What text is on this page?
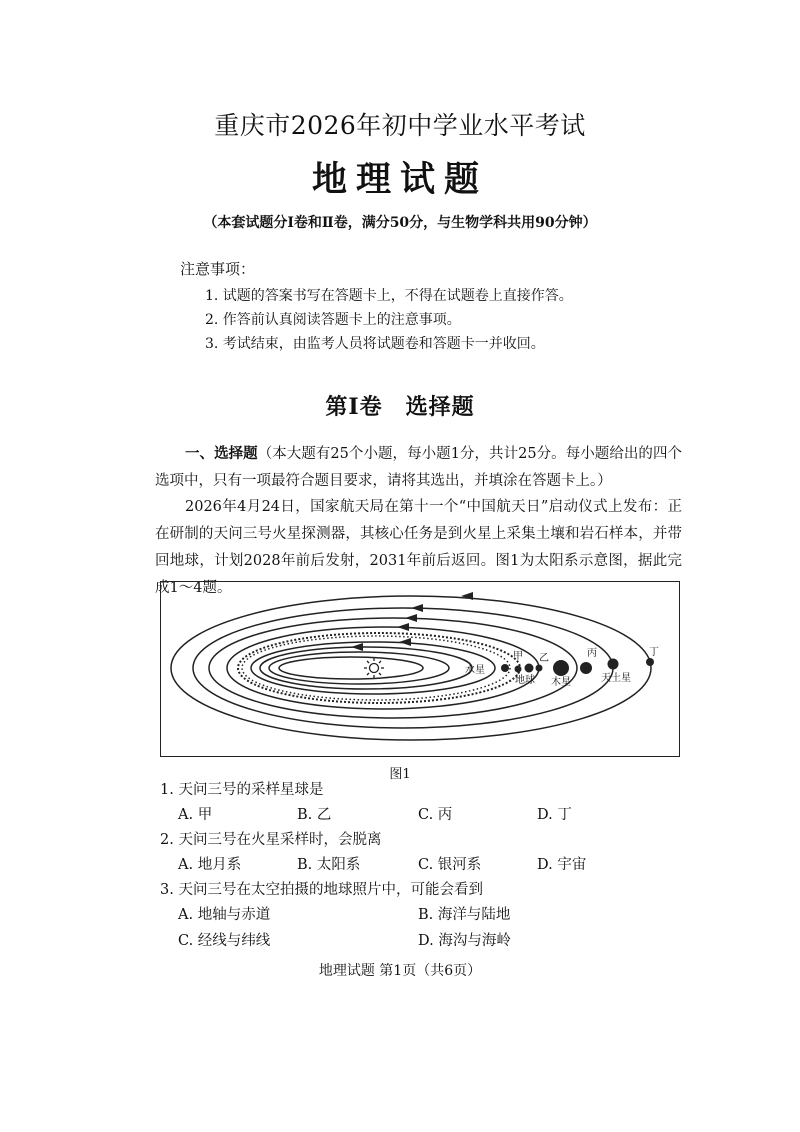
重庆市2026年初中学业水平考试
地理试题
（本套试题分Ⅰ卷和Ⅱ卷，满分50分，与生物学科共用90分钟）
注意事项：
1. 试题的答案书写在答题卡上，不得在试题卷上直接作答。
2. 作答前认真阅读答题卡上的注意事项。
3. 考试结束，由监考人员将试题卷和答题卡一并收回。
第Ⅰ卷　选择题
一、选择题（本大题有25个小题，每小题1分，共计25分。每小题给出的四个选项中，只有一项最符合题目要求，请将其选出，并填涂在答题卡上。）
2026年4月24日，国家航天局在第十一个“中国航天日”启动仪式上发布：正在研制的天问三号火星探测器，其核心任务是到火星上采集土壤和岩石样本，并带回地球，计划2028年前后发射，2031年前后返回。图1为太阳系示意图，据此完成1～4题。
水星
甲
地球
乙
木星
丙
天土星
丁
图1
1. 天问三号的采样星球是
A. 甲	B. 乙	C. 丙	D. 丁
2. 天问三号在火星采样时，会脱离
A. 地月系	B. 太阳系	C. 银河系	D. 宇宙
3. 天问三号在太空拍摄的地球照片中，可能会看到
A. 地轴与赤道	B. 海洋与陆地
C. 经线与纬线	D. 海沟与海岭
地理试题 第1页（共6页）
